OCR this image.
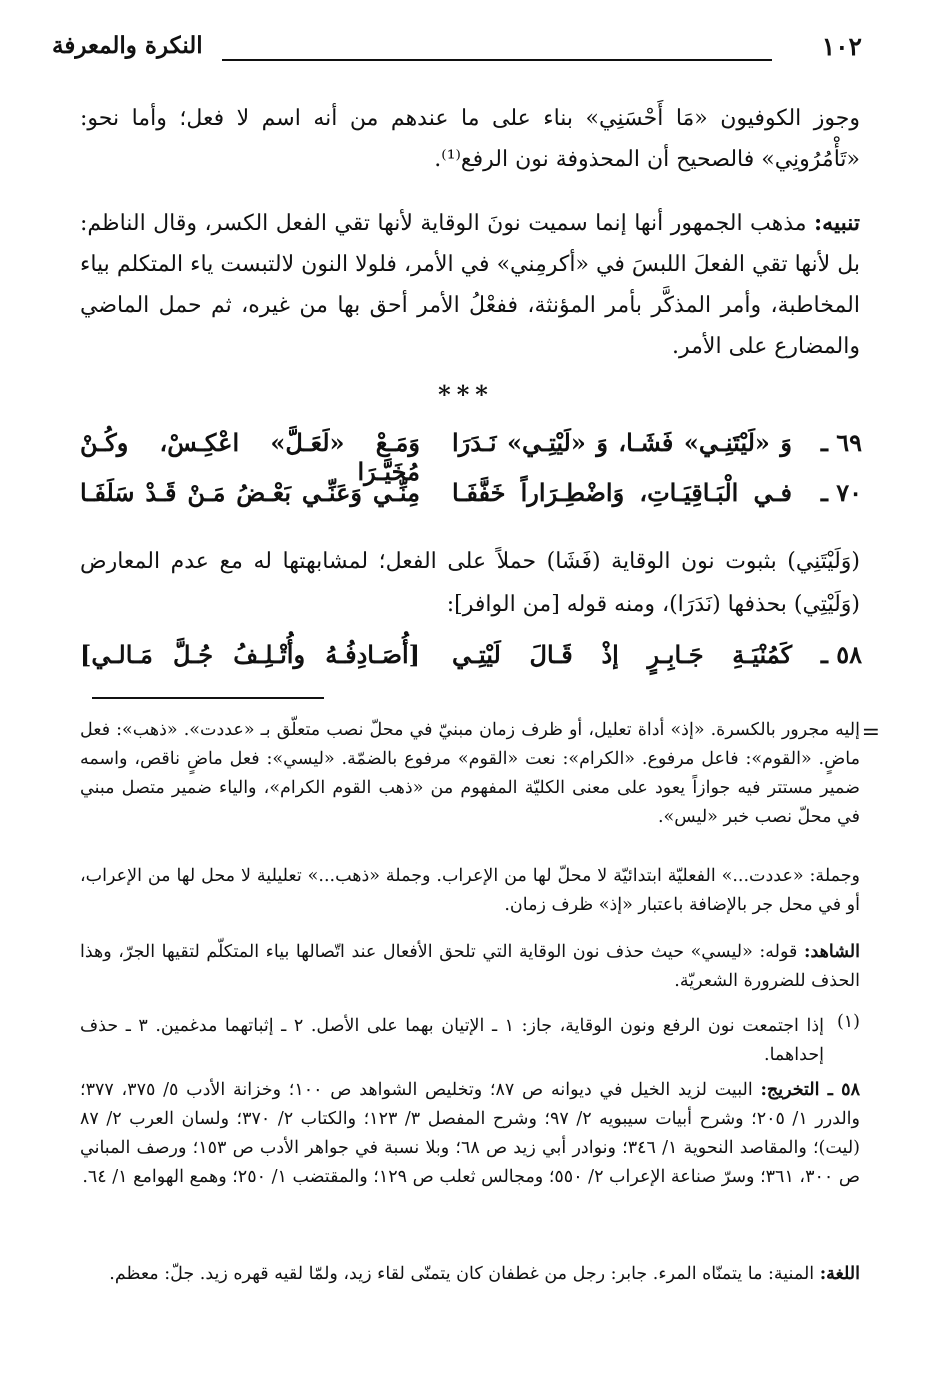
١٠٢
النكرة والمعرفة

وجوز الكوفيون «مَا أَحْسَنِي» بناء على ما عندهم من أنه اسم لا فعل؛ وأما نحو: «تَأْمُرُونِي» فالصحيح أن المحذوفة نون الرفع⁽¹⁾.

تنبيه: مذهب الجمهور أنها إنما سميت نونَ الوقاية لأنها تقي الفعل الكسر، وقال الناظم: بل لأنها تقي الفعلَ اللبسَ في «أكرمِني» في الأمر، فلولا النون لالتبست ياء المتكلم بياء المخاطبة، وأمر المذكَّر بأمر المؤنثة، ففعْلُ الأمر أحق بها من غيره، ثم حمل الماضي والمضارع على الأمر.

***
٦٩ ـ
وَ «لَيْتَنِـي» فَشَـا، وَ «لَيْتِـي» نَـدَرَا
وَمَـعْ «لَعَـلَّ» اعْكِـسْ، وكُـنْ مُخَيَّـرَا
٧٠ ـ
فـي الْبَـاقِيَـاتِ، وَاضْطِـرَاراً خَفَّفَـا
مِنِّـي وَعَنِّـي بَعْـضُ مَـنْ قَـدْ سَلَفَـا

(وَلَيْتَنِي) بثبوت نون الوقاية (فَشَا) حملاً على الفعل؛ لمشابهتها له مع عدم المعارض (وَلَيْتِي) بحذفها (نَدَرَا)، ومنه قوله [من الوافر]:

٥٨ ـ
كَمُنْيَـةِ جَـابِـرٍ إذْ قَـالَ لَيْتِـي
[أُصَـادِفُـهُ وأُتْـلِـفُ جُـلَّ مَـالـي]
=

إليه مجرور بالكسرة. «إذ» أداة تعليل، أو ظرف زمان مبنيّ في محلّ نصب متعلّق بـ «عددت». «ذهب»: فعل ماضٍ. «القوم»: فاعل مرفوع. «الكرام»: نعت «القوم» مرفوع بالضمّة. «ليسي»: فعل ماضٍ ناقص، واسمه ضمير مستتر فيه جوازاً يعود على معنى الكليّة المفهوم من «ذهب القوم الكرام»، والياء ضمير متصل مبني في محلّ نصب خبر «ليس».

وجملة: «عددت...» الفعليّة ابتدائيّة لا محلّ لها من الإعراب. وجملة «ذهب...» تعليلية لا محل لها من الإعراب، أو في محل جر بالإضافة باعتبار «إذ» ظرف زمان.

الشاهد: قوله: «ليسي» حيث حذف نون الوقاية التي تلحق الأفعال عند اتّصالها بياء المتكلّم لتقيها الجرّ، وهذا الحذف للضرورة الشعريّة.

(١)

إذا اجتمعت نون الرفع ونون الوقاية، جاز: ١ ـ الإتيان بهما على الأصل. ٢ ـ إثباتهما مدغمين. ٣ ـ حذف إحداهما.

٥٨ ـ التخريج: البيت لزيد الخيل في ديوانه ص ٨٧؛ وتخليص الشواهد ص ١٠٠؛ وخزانة الأدب ٥/ ٣٧٥، ٣٧٧؛ والدرر ١/ ٢٠٥؛ وشرح أبيات سيبويه ٢/ ٩٧؛ وشرح المفصل ٣/ ١٢٣؛ والكتاب ٢/ ٣٧٠؛ ولسان العرب ٢/ ٨٧ (ليت)؛ والمقاصد النحوية ١/ ٣٤٦؛ ونوادر أبي زيد ص ٦٨؛ وبلا نسبة في جواهر الأدب ص ١٥٣؛ ورصف المباني ص ٣٠٠، ٣٦١؛ وسرّ صناعة الإعراب ٢/ ٥٥٠؛ ومجالس ثعلب ص ١٢٩؛ والمقتضب ١/ ٢٥٠؛ وهمع الهوامع ١/ ٦٤.

اللغة: المنية: ما يتمنّاه المرء. جابر: رجل من غطفان كان يتمنّى لقاء زيد، ولمّا لقيه قهره زيد. جلّ: معظم.
